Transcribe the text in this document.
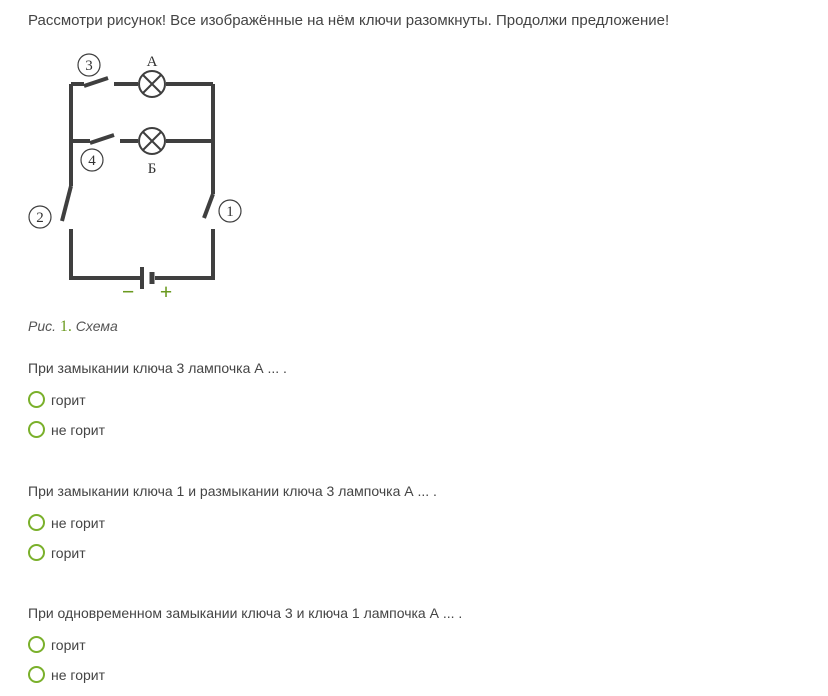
Рассмотри рисунок! Все изображённые на нём ключи разомкнуты. Продолжи предложение!
3
4
2	1
А
Б
− +
Рис. 1. Схема
При замыкании ключа 3 лампочка А ... .
горит
не горит
При замыкании ключа 1 и размыкании ключа 3 лампочка А ... .
не горит
горит
При одновременном замыкании ключа 3 и ключа 1 лампочка А ... .
горит
не горит
